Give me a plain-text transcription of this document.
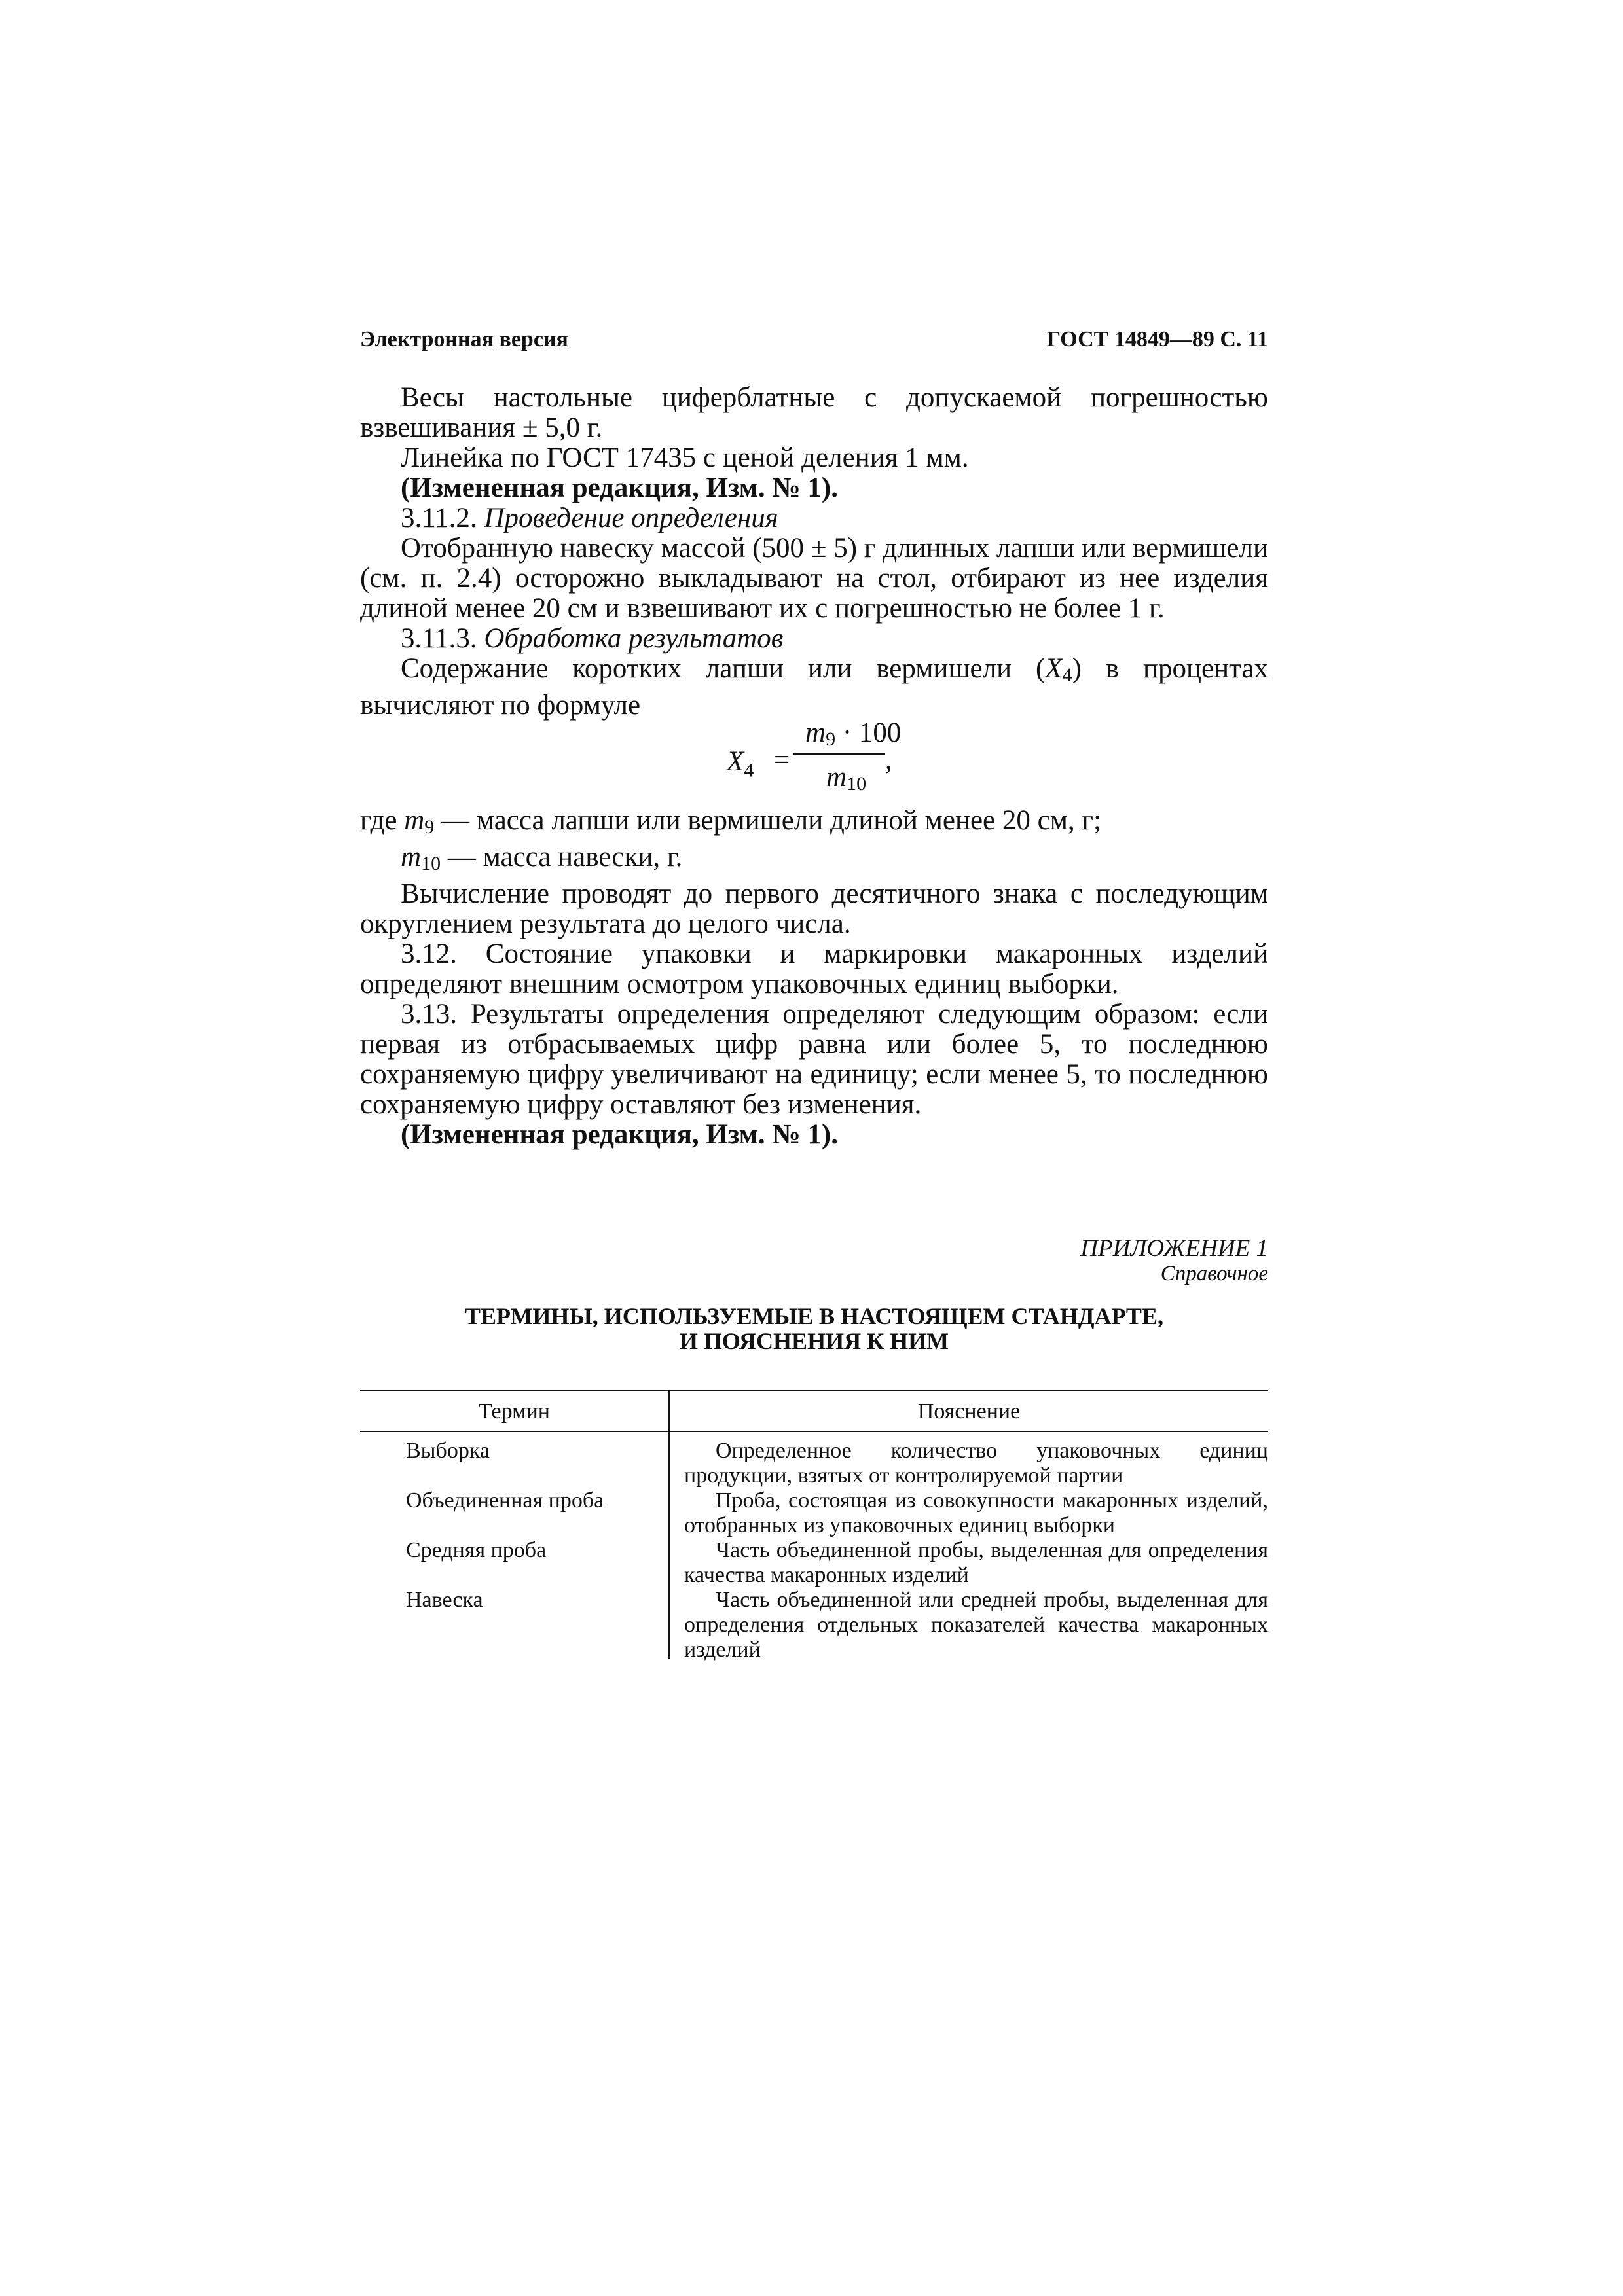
Электронная версия	ГОСТ 14849—89 С. 11

Весы настольные циферблатные с допускаемой погрешностью взвешивания ± 5,0 г.

Линейка по ГОСТ 17435 с ценой деления 1 мм.

(Измененная редакция, Изм. № 1).

3.11.2. Проведение определения

Отобранную навеску массой (500 ± 5) г длинных лапши или вермишели (см. п. 2.4) осторожно выкладывают на стол, отбирают из нее изделия длиной менее 20 см и взвешивают их с погрешностью не более 1 г.

3.11.3. Обработка результатов

Содержание коротких лапши или вермишели (X4) в процентах вычисляют по формуле

$X_4$ =
m9 · 100
m10
,

где m9 — масса лапши или вермишели длиной менее 20 см, г;

m10 — масса навески, г.

Вычисление проводят до первого десятичного знака с последующим округлением результата до целого числа.

3.12. Состояние упаковки и маркировки макаронных изделий определяют внешним осмотром упаковочных единиц выборки.

3.13. Результаты определения определяют следующим образом: если первая из отбрасываемых цифр равна или более 5, то последнюю сохраняемую цифру увеличивают на единицу; если менее 5, то последнюю сохраняемую цифру оставляют без изменения.

(Измененная редакция, Изм. № 1).

ПРИЛОЖЕНИЕ 1
Справочное
ТЕРМИНЫ, ИСПОЛЬЗУЕМЫЕ В НАСТОЯЩЕМ СТАНДАРТЕ,
И ПОЯСНЕНИЯ К НИМ
Термин	Пояснение
Выборка	Определенное количество упаковочных единиц продукции, взятых от контролируемой партии
Объединенная проба	Проба, состоящая из совокупности макаронных изделий, отобранных из упаковочных единиц выборки
Средняя проба	Часть объединенной пробы, выделенная для определения качества макаронных изделий
Навеска	Часть объединенной или средней пробы, выделенная для определения отдельных показателей качества макаронных изделий
